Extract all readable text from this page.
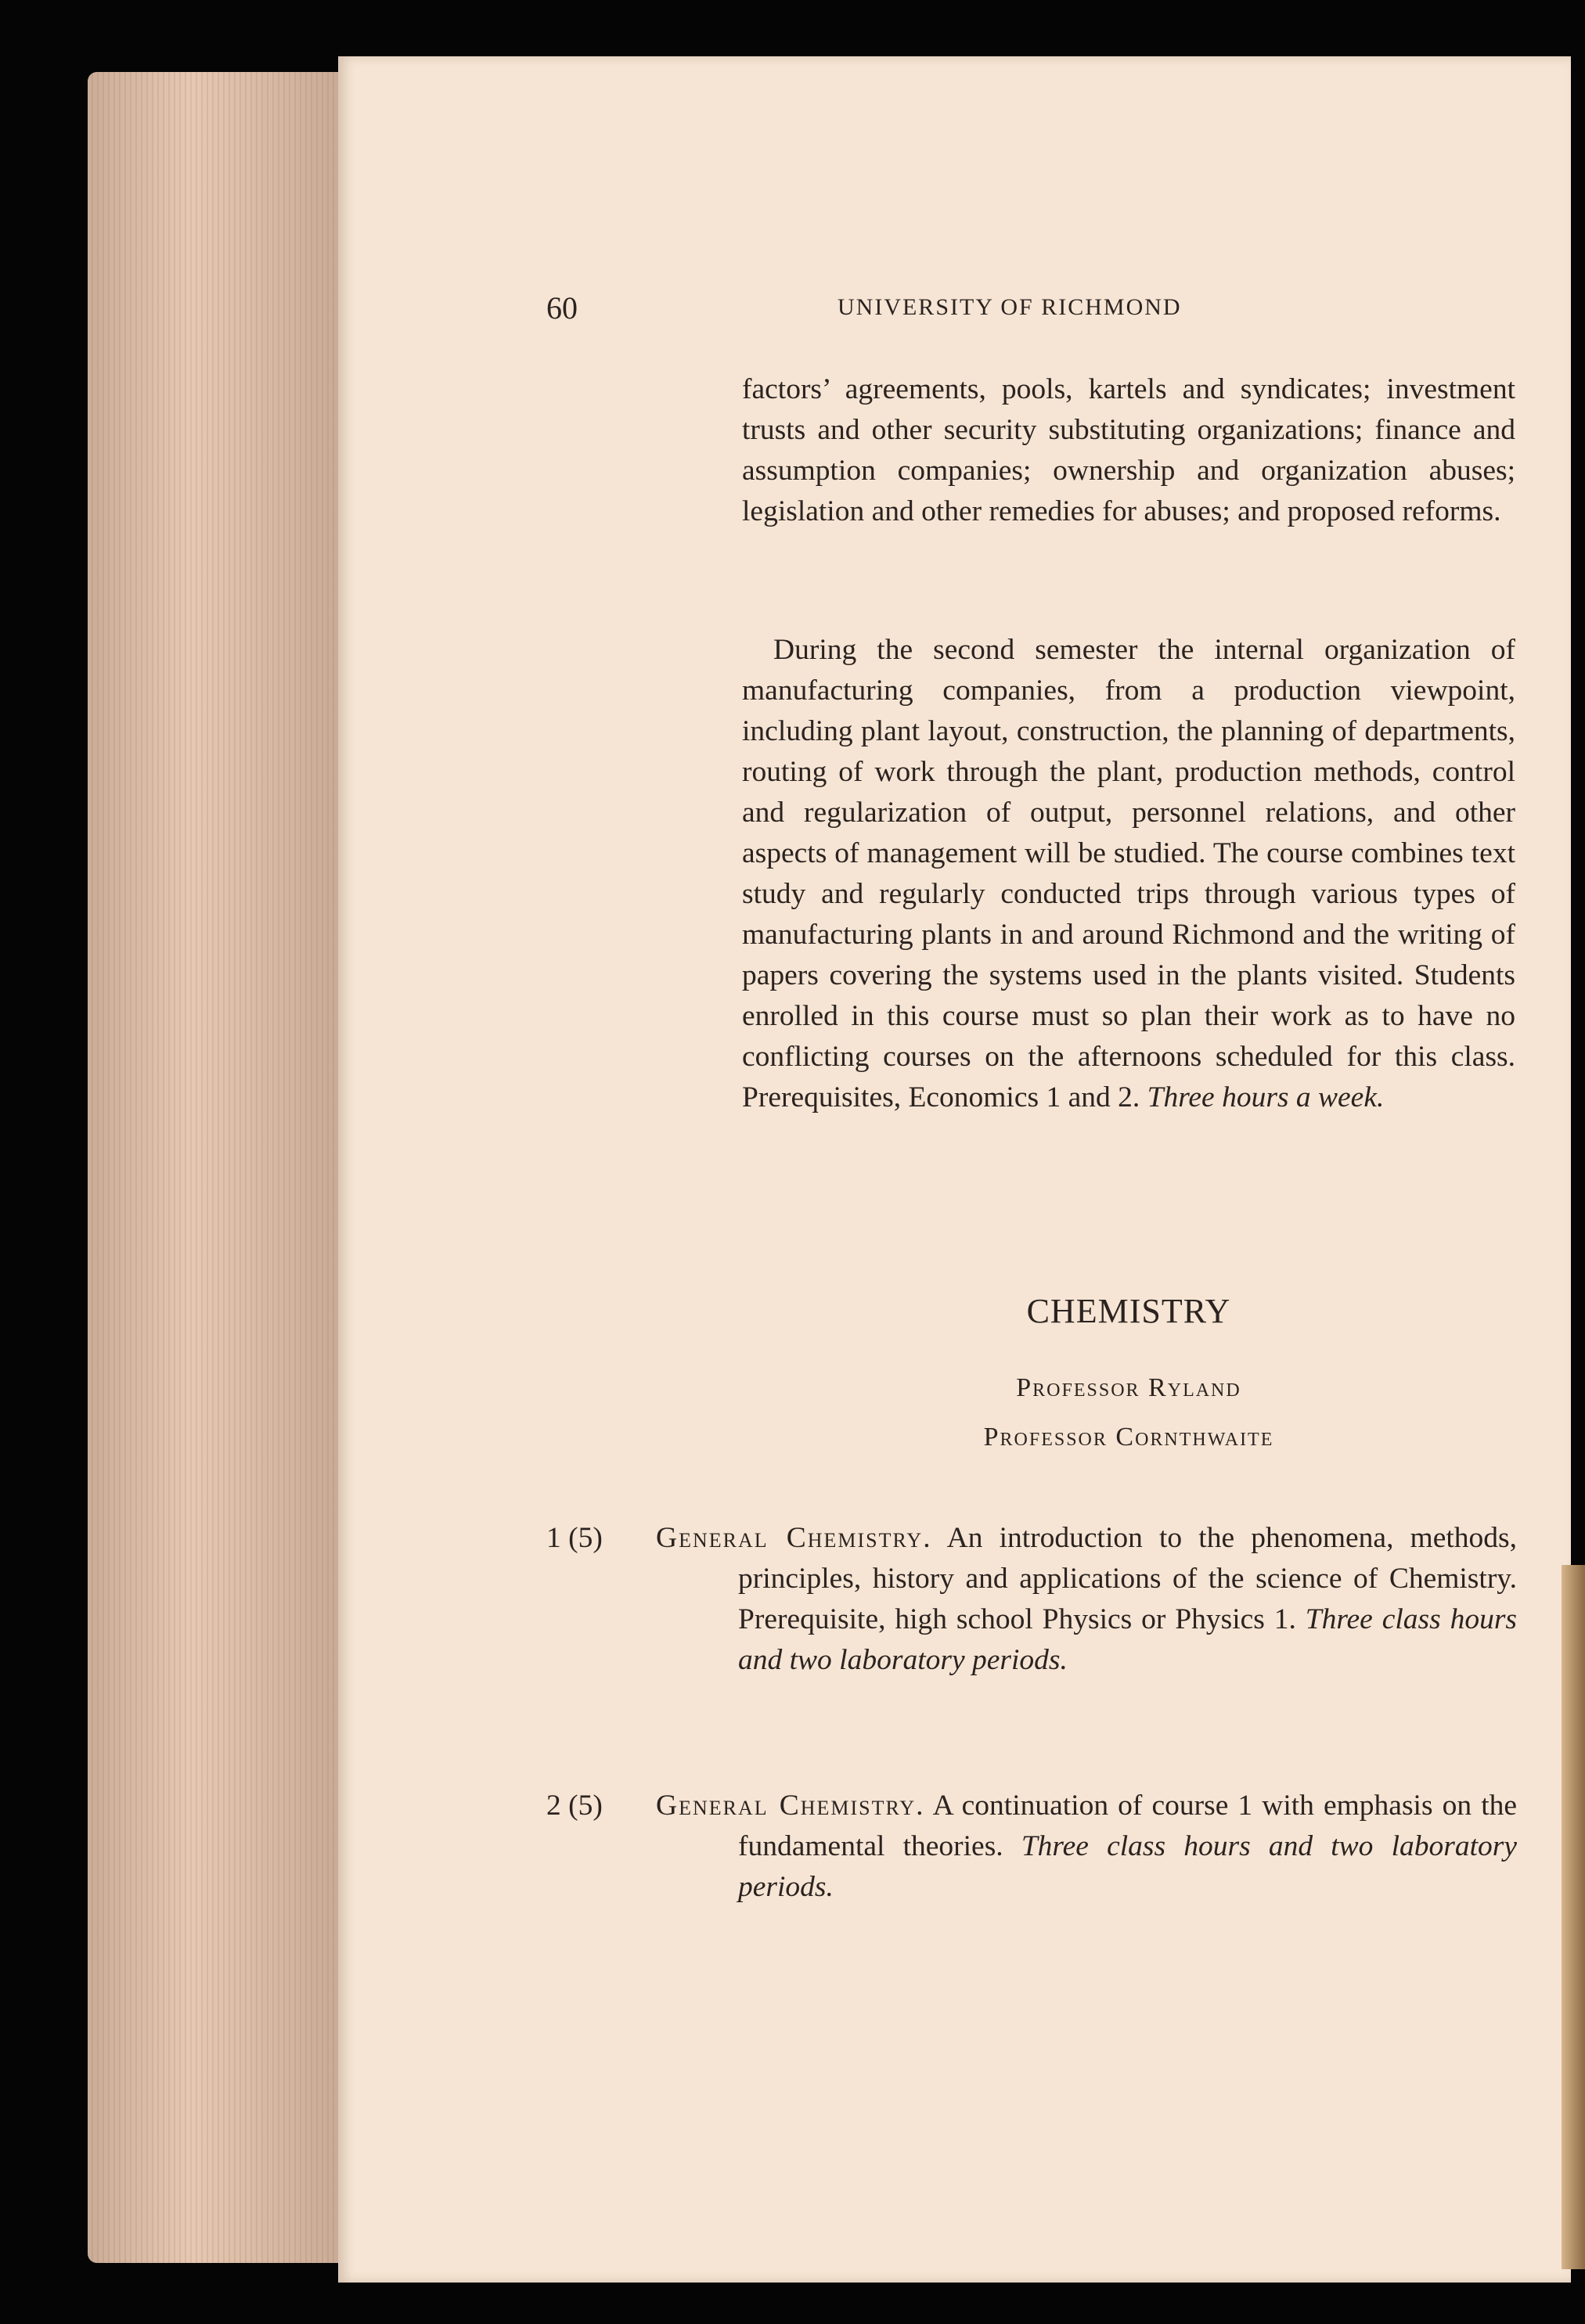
60	UNIVERSITY OF RICHMOND

factors’ agreements, pools, kartels and syndicates; investment trusts and other security substituting organizations; finance and assumption companies; ownership and organization abuses; legislation and other remedies for abuses; and proposed reforms.

During the second semester the internal organization of manufacturing companies, from a production viewpoint, including plant layout, construction, the planning of departments, routing of work through the plant, production methods, control and regularization of output, personnel relations, and other aspects of management will be studied. The course combines text study and regularly conducted trips through various types of manufacturing plants in and around Richmond and the writing of papers covering the systems used in the plants visited. Students enrolled in this course must so plan their work as to have no conflicting courses on the afternoons scheduled for this class. Prerequisites, Economics 1 and 2. Three hours a week.

CHEMISTRY
Professor Ryland
Professor Cornthwaite
1 (5)	General Chemistry. An introduction to the phenomena, methods, principles, history and applications of the science of Chemistry. Prerequisite, high school Physics or Physics 1. Three class hours and two laboratory periods.
2 (5)	General Chemistry. A continuation of course 1 with emphasis on the fundamental theories. Three class hours and two laboratory periods.
